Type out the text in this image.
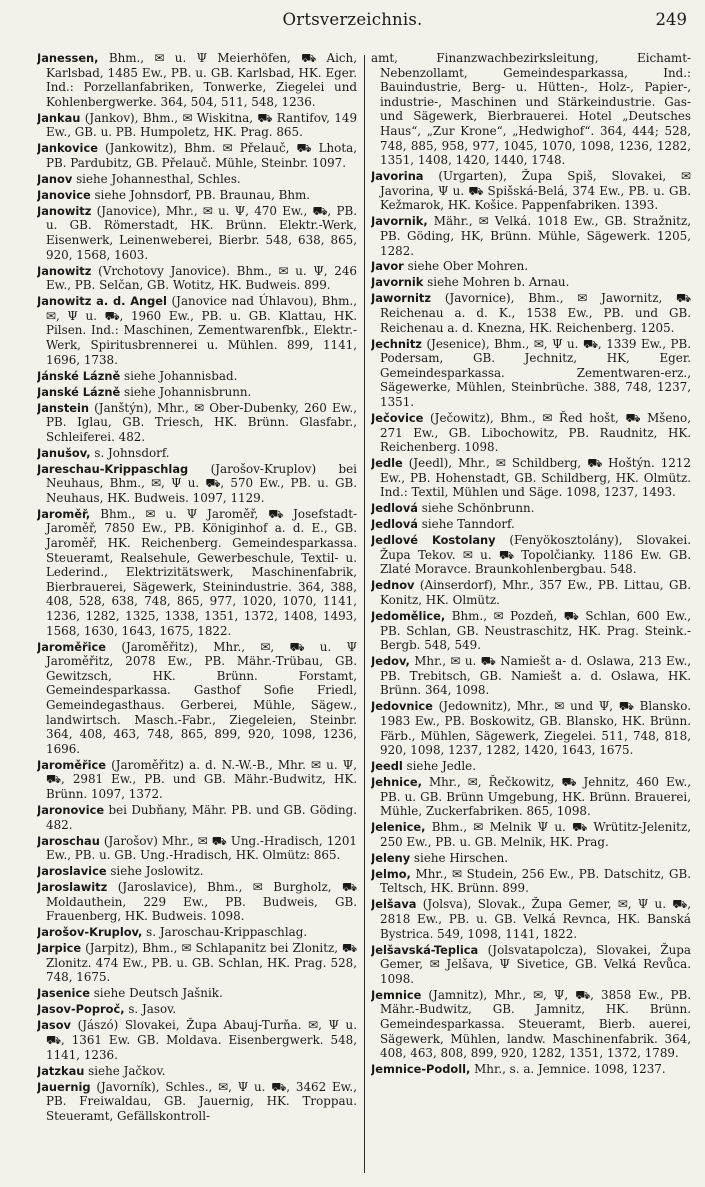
Ortsverzeichnis.	249

Janessen, Bhm., ✉ u. Ψ Meierhöfen, ⛟ Aich, Karlsbad, 1485 Ew., PB. u. GB. Karlsbad, HK. Eger. Ind.: Porzellanfabriken, Tonwerke, Ziegelei und Kohlenbergwerke. 364, 504, 511, 548, 1236.

Jankau (Jankov), Bhm., ✉ Wiskitna, ⛟ Rantifov, 149 Ew., GB. u. PB. Humpoletz, HK. Prag. 865.

Jankovice (Jankowitz), Bhm. ✉ Přelauč, ⛟ Lhota, PB. Pardubitz, GB. Přelauč. Mühle, Steinbr. 1097.

Janov siehe Johannesthal, Schles.

Janovice siehe Johnsdorf, PB. Braunau, Bhm.

Janowitz (Janovice), Mhr., ✉ u. Ψ, 470 Ew., ⛟, PB. u. GB. Römerstadt, HK. Brünn. Elektr.-Werk, Eisenwerk, Leinenweberei, Bierbr. 548, 638, 865, 920, 1568, 1603.

Janowitz (Vrchotovy Janovice). Bhm., ✉ u. Ψ, 246 Ew., PB. Selčan, GB. Wotitz, HK. Budweis. 899.

Janowitz a. d. Angel (Janovice nad Úhlavou), Bhm., ✉, Ψ u. ⛟, 1960 Ew., PB. u. GB. Klattau, HK. Pilsen. Ind.: Maschinen, Zementwarenfbk., Elektr.-Werk, Spiritusbrennerei u. Mühlen. 899, 1141, 1696, 1738.

Jánské Lázně siehe Johannisbad.

Janské Lázně siehe Johannisbrunn.

Janstein (Janštýn), Mhr., ✉ Ober-Dubenky, 260 Ew., PB. Iglau, GB. Triesch, HK. Brünn. Glasfabr., Schleiferei. 482.

Janušov, s. Johnsdorf.

Jareschau-Krippaschlag (Jarošov-Kruplov) bei Neuhaus, Bhm., ✉, Ψ u. ⛟, 570 Ew., PB. u. GB. Neuhaus, HK. Budweis. 1097, 1129.

Jaroměř, Bhm., ✉ u. Ψ Jaroměř, ⛟ Josefstadt-Jaroměř, 7850 Ew., PB. Königinhof a. d. E., GB. Jaroměř, HK. Reichenberg. Gemeindesparkassa. Steueramt, Realsehule, Gewerbeschule, Textil- u. Lederind., Elektrizitätswerk, Maschinenfabrik, Bierbrauerei, Sägewerk, Steinindustrie. 364, 388, 408, 528, 638, 748, 865, 977, 1020, 1070, 1141, 1236, 1282, 1325, 1338, 1351, 1372, 1408, 1493, 1568, 1630, 1643, 1675, 1822.

Jaroměřice (Jaroměřitz), Mhr., ✉, ⛟ u. Ψ Jaroměřitz, 2078 Ew., PB. Mähr.-Trübau, GB. Gewitzsch, HK. Brünn. Forstamt, Gemeindesparkassa. Gasthof Sofie Friedl, Gemeindegasthaus. Gerberei, Mühle, Sägew., landwirtsch. Masch.-Fabr., Ziegeleien, Steinbr. 364, 408, 463, 748, 865, 899, 920, 1098, 1236, 1696.

Jaroměřice (Jaroměřitz) a. d. N.-W.-B., Mhr. ✉ u. Ψ, ⛟, 2981 Ew., PB. und GB. Mähr.-Budwitz, HK. Brünn. 1097, 1372.

Jaronovice bei Dubňany, Mähr. PB. und GB. Göding. 482.

Jaroschau (Jarošov) Mhr., ✉ ⛟ Ung.-Hradisch, 1201 Ew., PB. u. GB. Ung.-Hradisch, HK. Olmütz: 865.

Jaroslavice siehe Joslowitz.

Jaroslawitz (Jaroslavice), Bhm., ✉ Burgholz, ⛟ Moldauthein, 229 Ew., PB. Budweis, GB. Frauenberg, HK. Budweis. 1098.

Jarošov-Kruplov, s. Jaroschau-Krippaschlag.

Jarpice (Jarpitz), Bhm., ✉ Schlapanitz bei Zlonitz, ⛟ Zlonitz. 474 Ew., PB. u. GB. Schlan, HK. Prag. 528, 748, 1675.

Jasenice siehe Deutsch Jašnik.

Jasov-Poproč, s. Jasov.

Jasov (Jászó) Slovakei, Župa Abauj-Turňa. ✉, Ψ u. ⛟, 1361 Ew. GB. Moldava. Eisenbergwerk. 548, 1141, 1236.

Jatzkau siehe Jačkov.

Jauernig (Javorník), Schles., ✉, Ψ u. ⛟, 3462 Ew., PB. Freiwaldau, GB. Jauernig, HK. Troppau. Steueramt, Gefällskontroll-

amt, Finanzwachbezirksleitung, Eichamt-Nebenzollamt, Gemeindesparkassa, Ind.: Bauindustrie, Berg- u. Hütten-, Holz-, Papier-, industrie-, Maschinen und Stärkeindustrie. Gas- und Sägewerk, Bierbrauerei. Hotel „Deutsches Haus“, „Zur Krone“, „Hedwighof“. 364, 444; 528, 748, 885, 958, 977, 1045, 1070, 1098, 1236, 1282, 1351, 1408, 1420, 1440, 1748.

Javorina (Urgarten), Župa Spiš, Slovakei, ✉ Javorina, Ψ u. ⛟ Spišská-Belá, 374 Ew., PB. u. GB. Kežmarok, HK. Košice. Pappenfabriken. 1393.

Javornik, Mähr., ✉ Velká. 1018 Ew., GB. Stražnitz, PB. Göding, HK, Brünn. Mühle, Sägewerk. 1205, 1282.

Javor siehe Ober Mohren.

Javornik siehe Mohren b. Arnau.

Jawornitz (Javornice), Bhm., ✉ Jawornitz, ⛟ Reichenau a. d. K., 1538 Ew., PB. und GB. Reichenau a. d. Knezna, HK. Reichenberg. 1205.

Jechnitz (Jesenice), Bhm., ✉, Ψ u. ⛟, 1339 Ew., PB. Podersam, GB. Jechnitz, HK, Eger. Gemeindesparkassa. Zementwaren-erz., Sägewerke, Mühlen, Steinbrüche. 388, 748, 1237, 1351.

Ječovice (Ječowitz), Bhm., ✉ Řed hošt, ⛟ Mšeno, 271 Ew., GB. Libochowitz, PB. Raudnitz, HK. Reichenberg. 1098.

Jedle (Jeedl), Mhr., ✉ Schildberg, ⛟ Hoštýn. 1212 Ew., PB. Hohenstadt, GB. Schildberg, HK. Olmütz. Ind.: Textil, Mühlen und Säge. 1098, 1237, 1493.

Jedlová siehe Schönbrunn.

Jedlová siehe Tanndorf.

Jedlové Kostolany (Fenyökosztolány), Slovakei. Župa Tekov. ✉ u. ⛟ Topolčianky. 1186 Ew. GB. Zlaté Moravce. Braunkohlenbergbau. 548.

Jednov (Ainserdorf), Mhr., 357 Ew., PB. Littau, GB. Konitz, HK. Olmütz.

Jedomělice, Bhm., ✉ Pozdeň, ⛟ Schlan, 600 Ew., PB. Schlan, GB. Neustraschitz, HK. Prag. Steink.-Bergb. 548, 549.

Jedov, Mhr., ✉ u. ⛟ Namiešt a- d. Oslawa, 213 Ew., PB. Trebitsch, GB. Namiešt a. d. Oslawa, HK. Brünn. 364, 1098.

Jedovnice (Jedownitz), Mhr., ✉ und Ψ, ⛟ Blansko. 1983 Ew., PB. Boskowitz, GB. Blansko, HK. Brünn. Färb., Mühlen, Sägewerk, Ziegelei. 511, 748, 818, 920, 1098, 1237, 1282, 1420, 1643, 1675.

Jeedl siehe Jedle.

Jehnice, Mhr., ✉, Řečkowitz, ⛟ Jehnitz, 460 Ew., PB. u. GB. Brünn Umgebung, HK. Brünn. Brauerei, Mühle, Zuckerfabriken. 865, 1098.

Jelenice, Bhm., ✉ Melnik Ψ u. ⛟ Wrütitz-Jelenitz, 250 Ew., PB. u. GB. Melnik, HK. Prag.

Jeleny siehe Hirschen.

Jelmo, Mhr., ✉ Studein, 256 Ew., PB. Datschitz, GB. Teltsch, HK. Brünn. 899.

Jelšava (Jolsva), Slovak., Župa Gemer, ✉, Ψ u. ⛟, 2818 Ew., PB. u. GB. Velká Revnca, HK. Banská Bystrica. 549, 1098, 1141, 1822.

Jelšavská-Teplica (Jolsvatapolcza), Slovakei, Župa Gemer, ✉ Jelšava, Ψ Sivetice, GB. Velká Revůca. 1098.

Jemnice (Jamnitz), Mhr., ✉, Ψ, ⛟, 3858 Ew., PB. Mähr.-Budwitz, GB. Jamnitz, HK. Brünn. Gemeindesparkassa. Steueramt, Bierb. auerei, Sägewerk, Mühlen, landw. Maschinenfabrik. 364, 408, 463, 808, 899, 920, 1282, 1351, 1372, 1789.

Jemnice-Podoll, Mhr., s. a. Jemnice. 1098, 1237.
